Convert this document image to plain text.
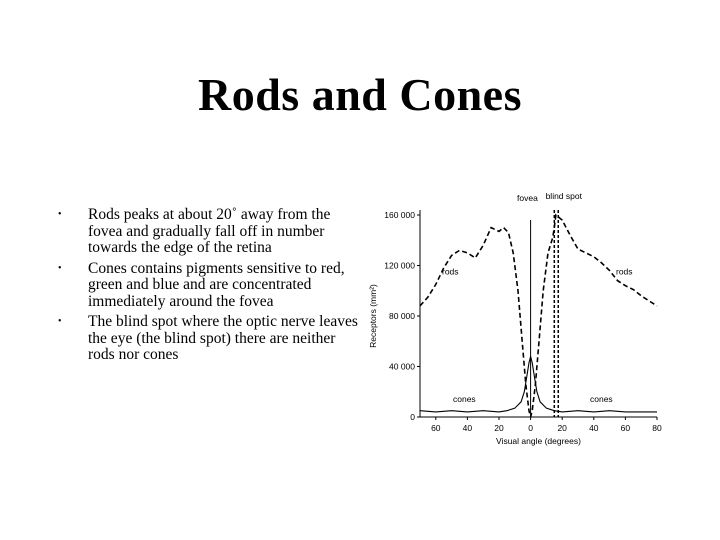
Rods and Cones
• Rods peaks at about 20˚ away from the fovea and gradually fall off in number towards the edge of the retina
• Cones contains pigments sensitive to red, green and blue and are concentrated immediately around the fovea
• The blind spot where the optic nerve leaves the eye (the blind spot) there are neither rods nor cones
0
40 000
80 000
120 000
160 000
60	40	20	0	20	40	60	80
Visual angle (degrees)
Receptors (mm²)
rods	rods
cones	cones
fovea blind spot
